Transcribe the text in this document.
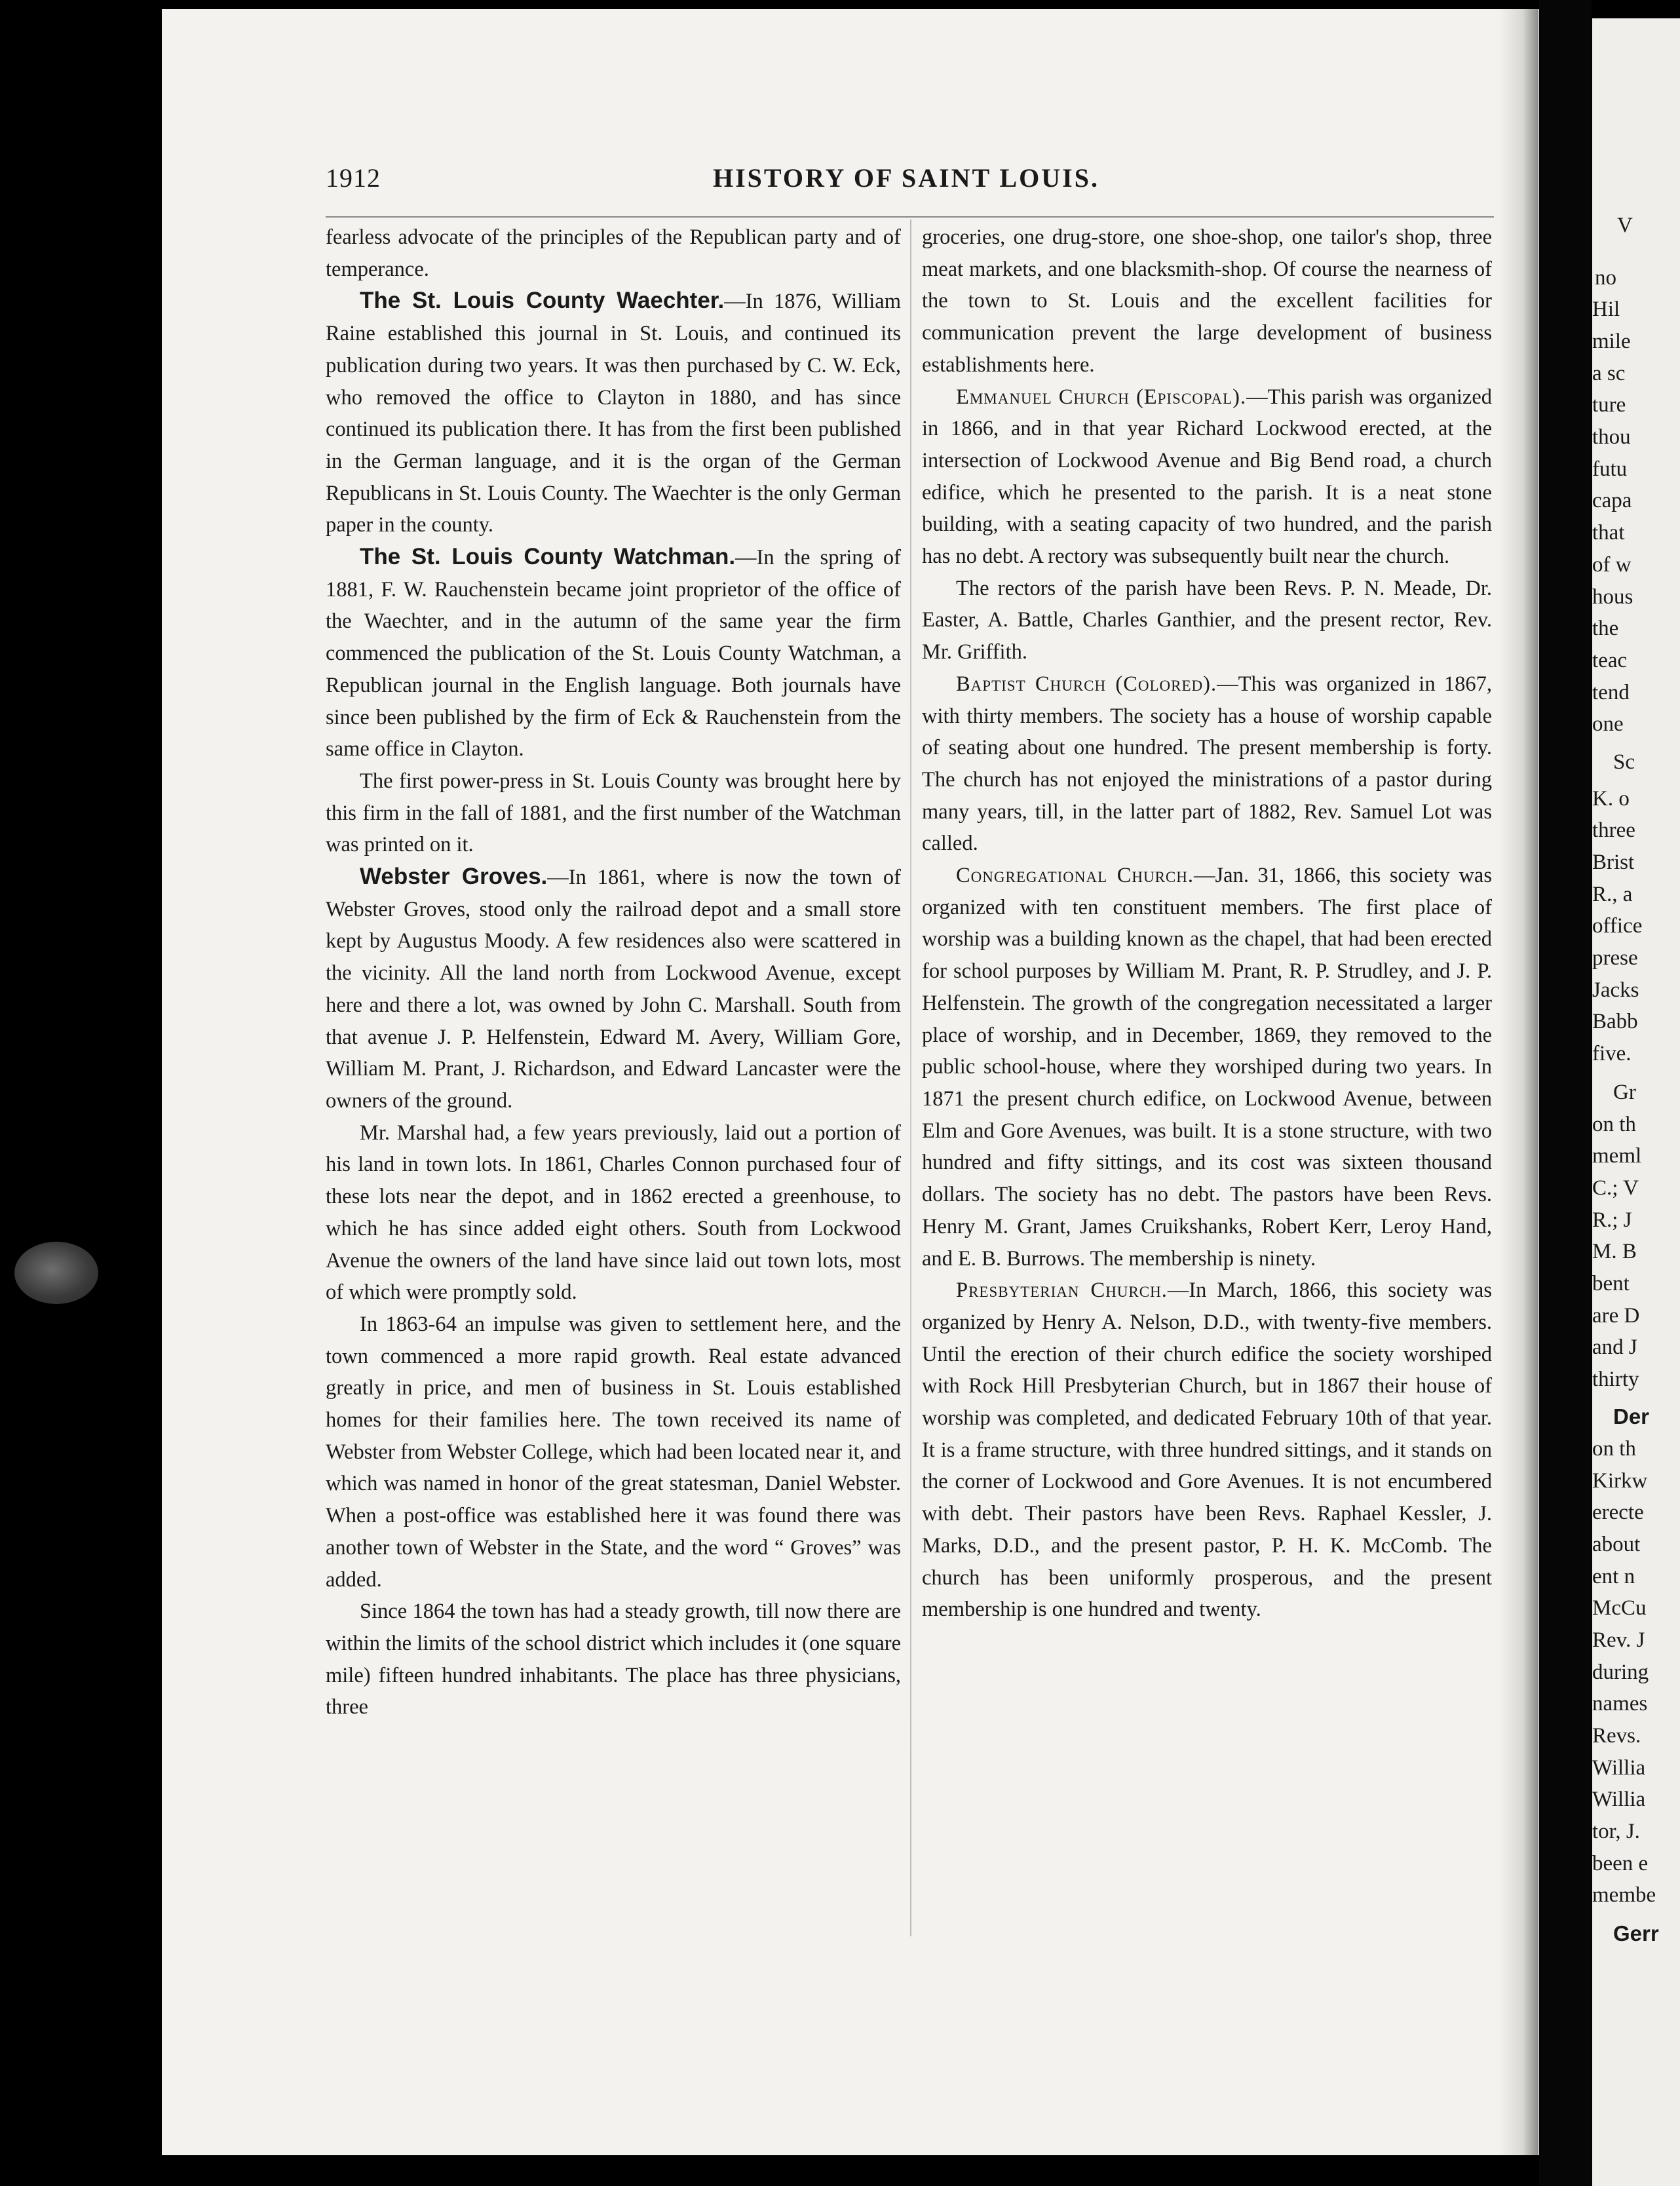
V
no
Hil
mile
a sc
ture
thou
futu
capa
that
of w
hous
the
teac
tend
one
Sc
K. o
three
Brist
R., a
office
prese
Jacks
Babb
five.
Gr
on th
meml
C.; V
R.; J
M. B
bent
are D
and J
thirty
Der
on th
Kirkw
erecte
about
ent n
McCu
Rev. J
during
names
Revs.
Willia
Willia
tor, J.
been e
membe
Gerr
1912	HISTORY OF SAINT LOUIS.

fearless advocate of the principles of the Republican party and of temperance.

The St. Louis County Waechter.—In 1876, William Raine established this journal in St. Louis, and continued its publication during two years. It was then purchased by C. W. Eck, who removed the office to Clayton in 1880, and has since continued its publication there. It has from the first been published in the German language, and it is the organ of the German Republicans in St. Louis County. The Waechter is the only German paper in the county.

The St. Louis County Watchman.—In the spring of 1881, F. W. Rauchenstein became joint proprietor of the office of the Waechter, and in the autumn of the same year the firm commenced the publication of the St. Louis County Watchman, a Republican journal in the English language. Both journals have since been published by the firm of Eck & Rauchenstein from the same office in Clayton.

The first power-press in St. Louis County was brought here by this firm in the fall of 1881, and the first number of the Watchman was printed on it.

Webster Groves.—In 1861, where is now the town of Webster Groves, stood only the railroad depot and a small store kept by Augustus Moody. A few residences also were scattered in the vicinity. All the land north from Lockwood Avenue, except here and there a lot, was owned by John C. Marshall. South from that avenue J. P. Helfenstein, Edward M. Avery, William Gore, William M. Prant, J. Richardson, and Edward Lancaster were the owners of the ground.

Mr. Marshal had, a few years previously, laid out a portion of his land in town lots. In 1861, Charles Connon purchased four of these lots near the depot, and in 1862 erected a greenhouse, to which he has since added eight others. South from Lockwood Avenue the owners of the land have since laid out town lots, most of which were promptly sold.

In 1863-64 an impulse was given to settlement here, and the town commenced a more rapid growth. Real estate advanced greatly in price, and men of business in St. Louis established homes for their families here. The town received its name of Webster from Webster College, which had been located near it, and which was named in honor of the great statesman, Daniel Webster. When a post-office was established here it was found there was another town of Webster in the State, and the word “ Groves” was added.

Since 1864 the town has had a steady growth, till now there are within the limits of the school district which includes it (one square mile) fifteen hundred inhabitants. The place has three physicians, three

groceries, one drug-store, one shoe-shop, one tailor's shop, three meat markets, and one blacksmith-shop. Of course the nearness of the town to St. Louis and the excellent facilities for communication prevent the large development of business establishments here.

Emmanuel Church (Episcopal).—This parish was organized in 1866, and in that year Richard Lockwood erected, at the intersection of Lockwood Avenue and Big Bend road, a church edifice, which he presented to the parish. It is a neat stone building, with a seating capacity of two hundred, and the parish has no debt. A rectory was subsequently built near the church.

The rectors of the parish have been Revs. P. N. Meade, Dr. Easter, A. Battle, Charles Ganthier, and the present rector, Rev. Mr. Griffith.

Baptist Church (Colored).—This was organized in 1867, with thirty members. The society has a house of worship capable of seating about one hundred. The present membership is forty. The church has not enjoyed the ministrations of a pastor during many years, till, in the latter part of 1882, Rev. Samuel Lot was called.

Congregational Church.—Jan. 31, 1866, this society was organized with ten constituent members. The first place of worship was a building known as the chapel, that had been erected for school purposes by William M. Prant, R. P. Strudley, and J. P. Helfenstein. The growth of the congregation necessitated a larger place of worship, and in December, 1869, they removed to the public school-house, where they worshiped during two years. In 1871 the present church edifice, on Lockwood Avenue, between Elm and Gore Avenues, was built. It is a stone structure, with two hundred and fifty sittings, and its cost was sixteen thousand dollars. The society has no debt. The pastors have been Revs. Henry M. Grant, James Cruikshanks, Robert Kerr, Leroy Hand, and E. B. Burrows. The membership is ninety.

Presbyterian Church.—In March, 1866, this society was organized by Henry A. Nelson, D.D., with twenty-five members. Until the erection of their church edifice the society worshiped with Rock Hill Presbyterian Church, but in 1867 their house of worship was completed, and dedicated February 10th of that year. It is a frame structure, with three hundred sittings, and it stands on the corner of Lockwood and Gore Avenues. It is not encumbered with debt. Their pastors have been Revs. Raphael Kessler, J. Marks, D.D., and the present pastor, P. H. K. McComb. The church has been uniformly prosperous, and the present membership is one hundred and twenty.
